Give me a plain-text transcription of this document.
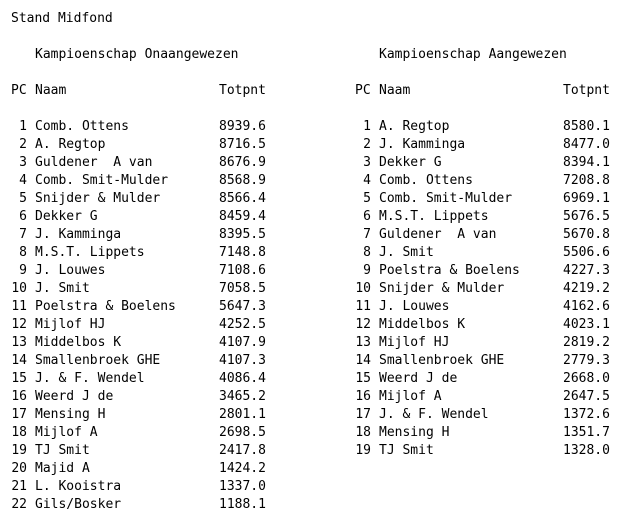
Stand Midfond
Kampioenschap Onaangewezen
PC Naam	Totpnt
1 Comb. Ottens	8939.6
2 A. Regtop	8716.5
3 Guldener  A van	8676.9
4 Comb. Smit-Mulder	8568.9
5 Snijder & Mulder	8566.4
6 Dekker G	8459.4
7 J. Kamminga	8395.5
8 M.S.T. Lippets	7148.8
9 J. Louwes	7108.6
10 J. Smit	7058.5
11 Poelstra & Boelens	5647.3
12 Mijlof HJ	4252.5
13 Middelbos K	4107.9
14 Smallenbroek GHE	4107.3
15 J. & F. Wendel	4086.4
16 Weerd J de	3465.2
17 Mensing H	2801.1
18 Mijlof A	2698.5
19 TJ Smit	2417.8
20 Majid A	1424.2
21 L. Kooistra	1337.0
22 Gils/Bosker	1188.1
Kampioenschap Aangewezen
PC Naam	Totpnt
1 A. Regtop	8580.1
2 J. Kamminga	8477.0
3 Dekker G	8394.1
4 Comb. Ottens	7208.8
5 Comb. Smit-Mulder	6969.1
6 M.S.T. Lippets	5676.5
7 Guldener  A van	5670.8
8 J. Smit	5506.6
9 Poelstra & Boelens	4227.3
10 Snijder & Mulder	4219.2
11 J. Louwes	4162.6
12 Middelbos K	4023.1
13 Mijlof HJ	2819.2
14 Smallenbroek GHE	2779.3
15 Weerd J de	2668.0
16 Mijlof A	2647.5
17 J. & F. Wendel	1372.6
18 Mensing H	1351.7
19 TJ Smit	1328.0
